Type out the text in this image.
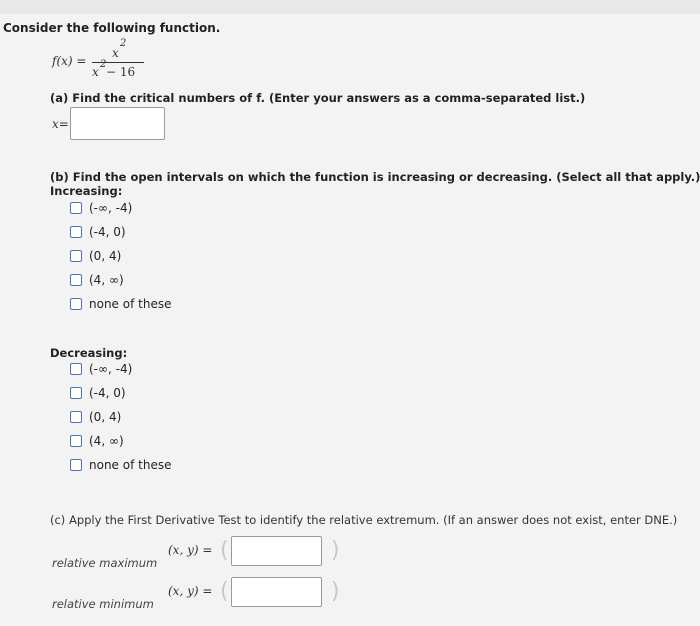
Consider the following function.
f(x) =
x
2
x
2
− 16
(a) Find the critical numbers of f. (Enter your answers as a comma-separated list.)
x=
(b) Find the open intervals on which the function is increasing or decreasing. (Select all that apply.)
Increasing:
(-∞, -4)
(-4, 0)
(0, 4)
(4, ∞)
none of these
Decreasing:
(-∞, -4)
(-4, 0)
(0, 4)
(4, ∞)
none of these
(c) Apply the First Derivative Test to identify the relative extremum. (If an answer does not exist, enter DNE.)
(x, y) = (	)
relative maximum
(x, y) = (	)
relative minimum
